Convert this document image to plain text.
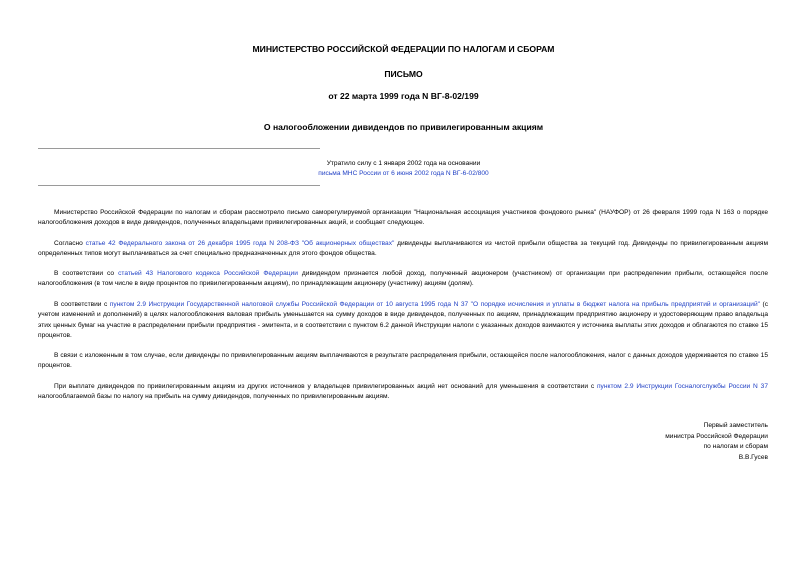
МИНИСТЕРСТВО РОССИЙСКОЙ ФЕДЕРАЦИИ ПО НАЛОГАМ И СБОРАМ
ПИСЬМО
от 22 марта 1999 года N ВГ-8-02/199
О налогообложении дивидендов по привилегированным акциям
Утратило силу с 1 января 2002 года на основании
письма МНС России от 6 июня 2002 года N ВГ-6-02/800

Министерство Российской Федерации по налогам и сборам рассмотрело письмо саморегулируемой организации "Национальная ассоциация участников фондового рынка" (НАУФОР) от 26 февраля 1999 года N 163 о порядке налогообложения доходов в виде дивидендов, полученных владельцами привилегированных акций, и сообщает следующее.

Согласно статье 42 Федерального закона от 26 декабря 1995 года N 208-ФЗ "Об акционерных обществах" дивиденды выплачиваются из чистой прибыли общества за текущий год. Дивиденды по привилегированным акциям определенных типов могут выплачиваться за счет специально предназначенных для этого фондов общества.

В соответствии со статьей 43 Налогового кодекса Российской Федерации дивидендом признается любой доход, полученный акционером (участником) от организации при распределении прибыли, остающейся после налогообложения (в том числе в виде процентов по привилегированным акциям), по принадлежащим акционеру (участнику) акциям (долям).

В соответствии с пунктом 2.9 Инструкции Государственной налоговой службы Российской Федерации от 10 августа 1995 года N 37 "О порядке исчисления и уплаты в бюджет налога на прибыль предприятий и организаций" (с учетом изменений и дополнений) в целях налогообложения валовая прибыль уменьшается на сумму доходов в виде дивидендов, полученных по акциям, принадлежащим предприятию акционеру и удостоверяющим право владельца этих ценных бумаг на участие в распределении прибыли предприятия - эмитента, и в соответствии с пунктом 6.2 данной Инструкции налоги с указанных доходов взимаются у источника выплаты этих доходов и облагаются по ставке 15 процентов.

В связи с изложенным в том случае, если дивиденды по привилегированным акциям выплачиваются в результате распределения прибыли, остающейся после налогообложения, налог с данных доходов удерживается по ставке 15 процентов.

При выплате дивидендов по привилегированным акциям из других источников у владельцев привилегированных акций нет оснований для уменьшения в соответствии с пунктом 2.9 Инструкции Госналогслужбы России N 37 налогооблагаемой базы по налогу на прибыль на сумму дивидендов, полученных по привилегированным акциям.

Первый заместитель
министра Российской Федерации
по налогам и сборам
В.В.Гусев
